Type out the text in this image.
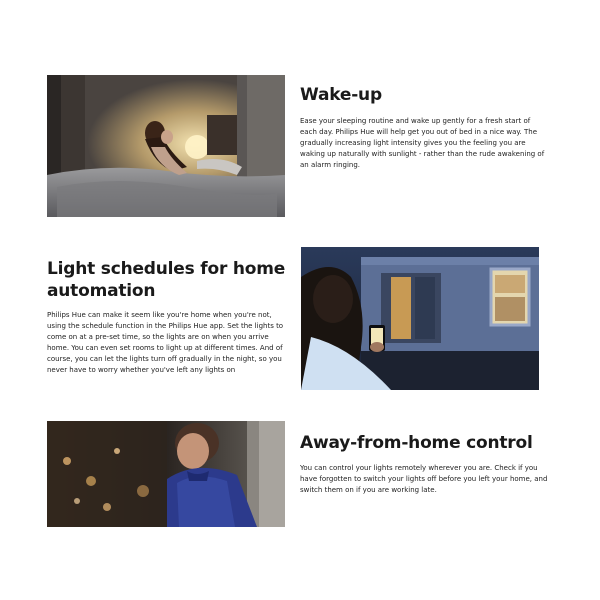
Wake-up

Ease your sleeping routine and wake up gently for a fresh start of each day. Philips Hue will help get you out of bed in a nice way. The gradually increasing light intensity gives you the feeling you are waking up naturally with sunlight - rather than the rude awakening of an alarm ringing.

Light schedules for home automation

Philips Hue can make it seem like you're home when you're not, using the schedule function in the Philips Hue app. Set the lights to come on at a pre-set time, so the lights are on when you arrive home. You can even set rooms to light up at different times. And of course, you can let the lights turn off gradually in the night, so you never have to worry whether you've left any lights on

Away-from-home control

You can control your lights remotely wherever you are. Check if you have forgotten to switch your lights off before you left your home, and switch them on if you are working late.
